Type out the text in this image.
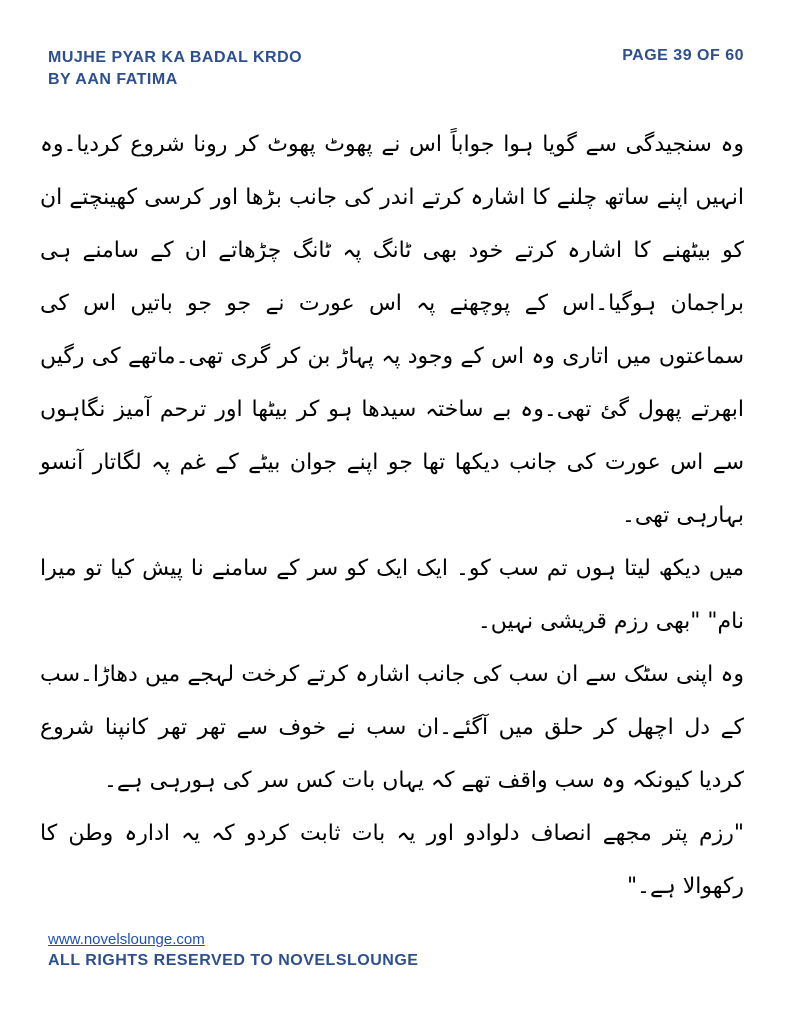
MUJHE PYAR KA BADAL KRDO
BY AAN FATIMA
PAGE 39 OF 60

وہ سنجیدگی سے گویا ہوا جواباً اس نے پھوٹ پھوٹ کر رونا شروع کردیا۔وہ انہیں اپنے ساتھ چلنے کا اشارہ کرتے اندر کی جانب بڑھا اور کرسی کھینچتے ان کو بیٹھنے کا اشارہ کرتے خود بھی ٹانگ پہ ٹانگ چڑھاتے ان کے سامنے ہی براجمان ہوگیا۔اس کے پوچھنے پہ اس عورت نے جو جو باتیں اس کی سماعتوں میں اتاری وہ اس کے وجود پہ پہاڑ بن کر گری تھی۔ماتھے کی رگیں ابھرتے پھول گئ تھی۔وہ بے ساختہ سیدھا ہو کر بیٹھا اور ترحم آمیز نگاہوں سے اس عورت کی جانب دیکھا تھا جو اپنے جوان بیٹے کے غم پہ لگاتار آنسو بہارہی تھی۔

میں دیکھ لیتا ہوں تم سب کو۔ ایک ایک کو سر کے سامنے نا پیش کیا تو میرا نام" "بھی رزم قریشی نہیں۔

وہ اپنی سٹک سے ان سب کی جانب اشارہ کرتے کرخت لہجے میں دھاڑا۔سب کے دل اچھل کر حلق میں آگئے۔ان سب نے خوف سے تھر تھر کانپنا شروع کردیا کیونکہ وہ سب واقف تھے کہ یہاں بات کس سر کی ہورہی ہے۔

"رزم پتر مجھے انصاف دلوادو اور یہ بات ثابت کردو کہ یہ ادارہ وطن کا رکھوالا ہے۔"

www.novelslounge.com
ALL RIGHTS RESERVED TO NOVELSLOUNGE
